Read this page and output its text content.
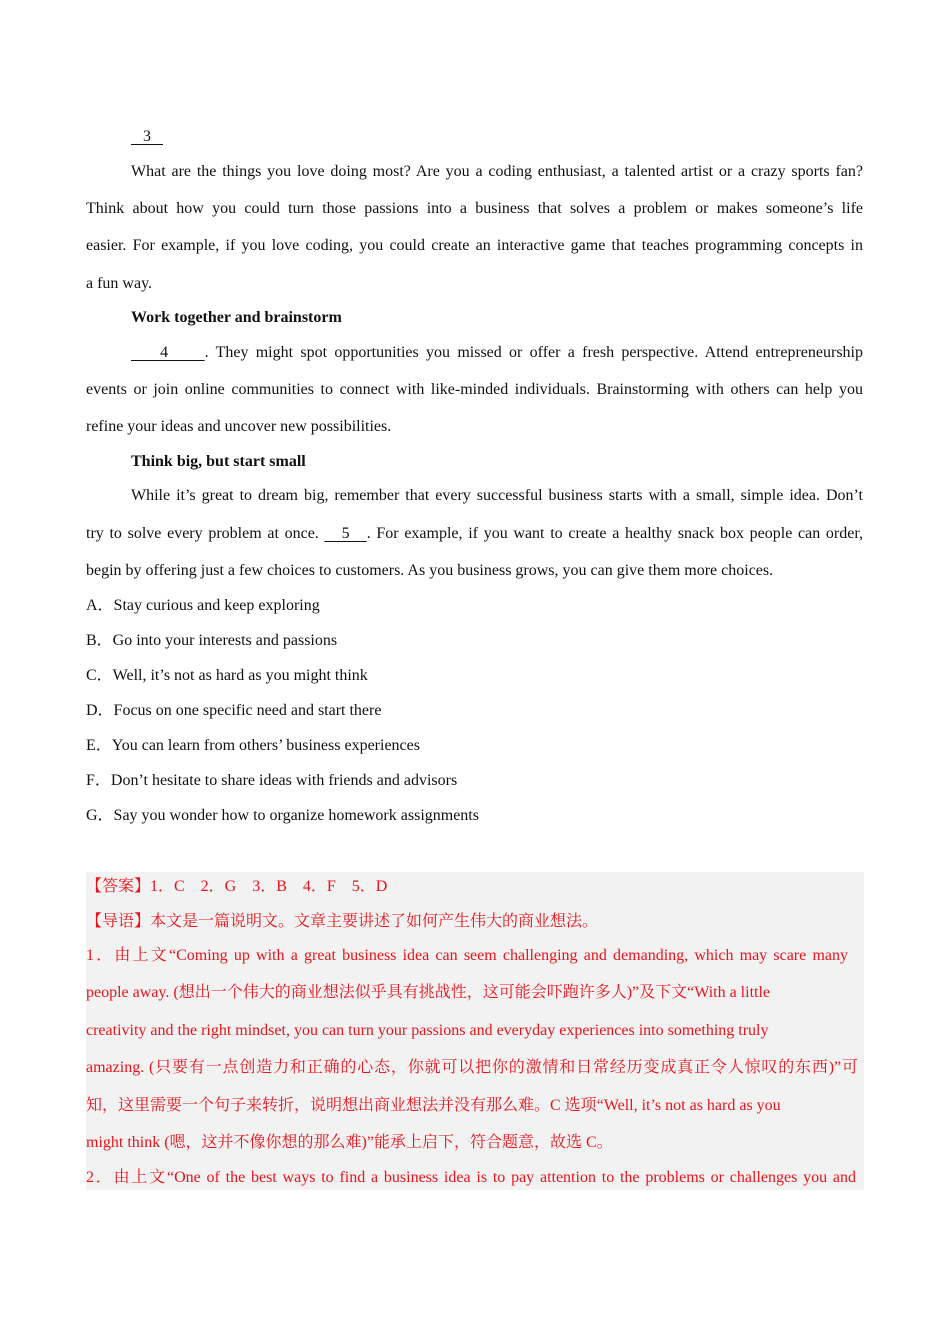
3
What are the things you love doing most? Are you a coding enthusiast, a talented artist or a crazy sports fan?
Think about how you could turn those passions into a business that solves a problem or makes someone’s life
easier. For example, if you love coding, you could create an interactive game that teaches programming concepts in
a fun way.
Work together and brainstorm
4     . They might spot opportunities you missed or offer a fresh perspective. Attend entrepreneurship
events or join online communities to connect with like-minded individuals. Brainstorming with others can help you
refine your ideas and uncover new possibilities.
Think big, but start small
While it’s great to dream big, remember that every successful business starts with a small, simple idea. Don’t
try to solve every problem at once.    5   . For example, if you want to create a healthy snack box people can order,
begin by offering just a few choices to customers. As you business grows, you can give them more choices.
A．Stay curious and keep exploring
B．Go into your interests and passions
C．Well, it’s not as hard as you might think
D．Focus on one specific need and start there
E．You can learn from others’ business experiences
F．Don’t hesitate to share ideas with friends and advisors
G．Say you wonder how to organize homework assignments
【答案】1．C　2．G　3．B　4．F　5．D
【导语】本文是一篇说明文。文章主要讲述了如何产生伟大的商业想法。
1．由上文“Coming up with a great business idea can seem challenging and demanding, which may scare many
people away. (想出一个伟大的商业想法似乎具有挑战性，这可能会吓跑许多人)”及下文“With a little
creativity and the right mindset, you can turn your passions and everyday experiences into something truly
amazing. (只要有一点创造力和正确的心态，你就可以把你的激情和日常经历变成真正令人惊叹的东西)”可
知，这里需要一个句子来转折，说明想出商业想法并没有那么难。C 选项“Well, it’s not as hard as you
might think (嗯，这并不像你想的那么难)”能承上启下，符合题意，故选 C。
2．由上文“One of the best ways to find a business idea is to pay attention to the problems or challenges you and
